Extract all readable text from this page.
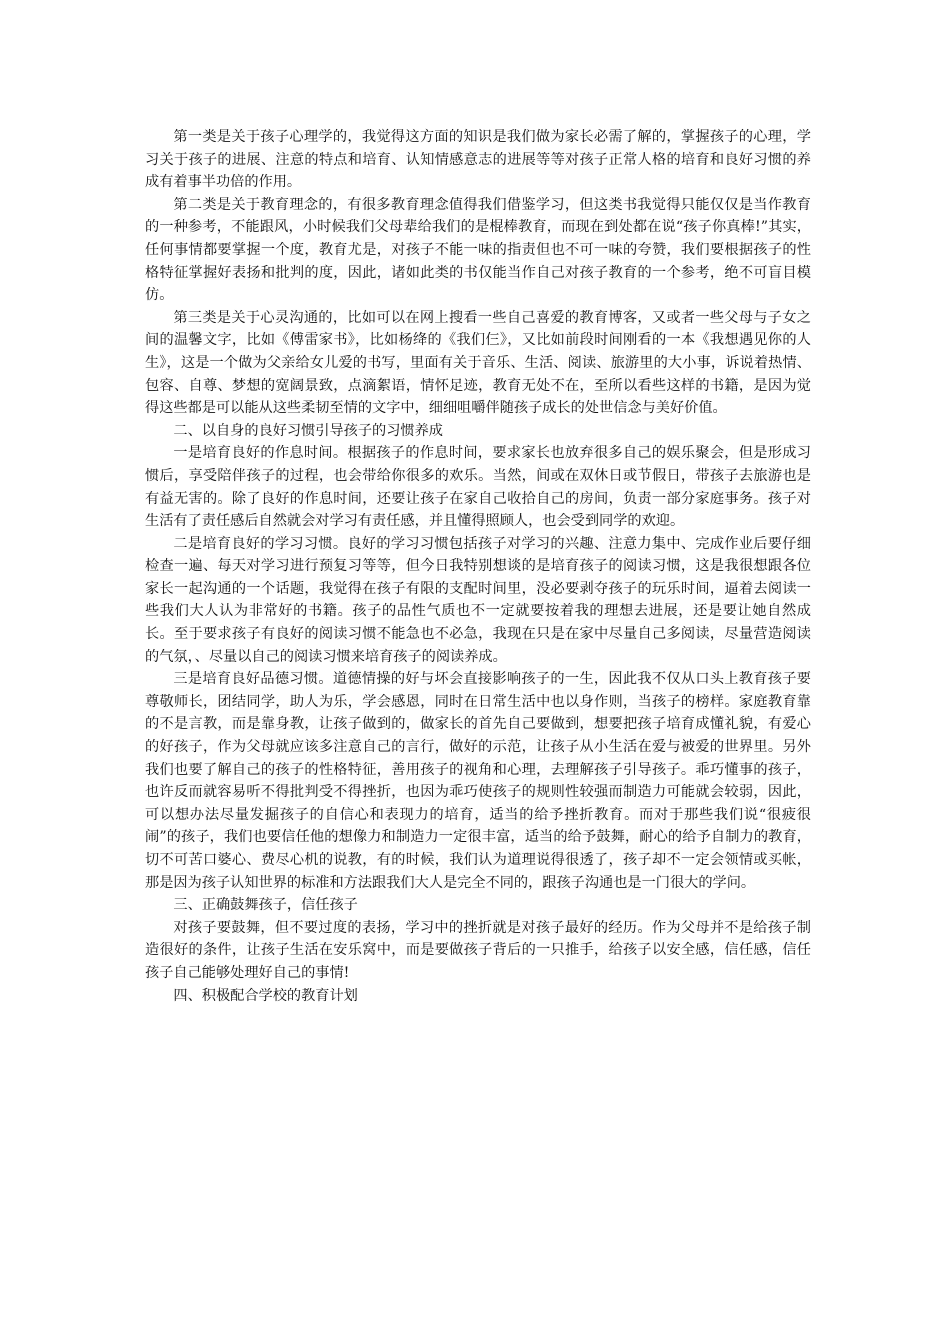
第一类是关于孩子心理学的，我觉得这方面的知识是我们做为家长必需了解的，掌握孩子的心理，学习关于孩子的进展、注意的特点和培育、认知情感意志的进展等等对孩子正常人格的培育和良好习惯的养成有着事半功倍的作用。

第二类是关于教育理念的，有很多教育理念值得我们借鉴学习，但这类书我觉得只能仅仅是当作教育的一种参考，不能跟风，小时候我们父母辈给我们的是棍棒教育，而现在到处都在说“孩子你真棒!”其实，任何事情都要掌握一个度，教育尤是，对孩子不能一味的指责但也不可一味的夸赞，我们要根据孩子的性格特征掌握好表扬和批判的度，因此，诸如此类的书仅能当作自己对孩子教育的一个参考，绝不可盲目模仿。

第三类是关于心灵沟通的，比如可以在网上搜看一些自己喜爱的教育博客，又或者一些父母与子女之间的温馨文字，比如《傅雷家书》，比如杨绛的《我们仨》，又比如前段时间刚看的一本《我想遇见你的人生》，这是一个做为父亲给女儿爱的书写，里面有关于音乐、生活、阅读、旅游里的大小事，诉说着热情、包容、自尊、梦想的宽阔景致，点滴絮语，情怀足迹，教育无处不在，至所以看些这样的书籍，是因为觉得这些都是可以能从这些柔韧至情的文字中，细细咀嚼伴随孩子成长的处世信念与美好价值。

二、以自身的良好习惯引导孩子的习惯养成

一是培育良好的作息时间。根据孩子的作息时间，要求家长也放弃很多自己的娱乐聚会，但是形成习惯后，享受陪伴孩子的过程，也会带给你很多的欢乐。当然，间或在双休日或节假日，带孩子去旅游也是有益无害的。除了良好的作息时间，还要让孩子在家自己收拾自己的房间，负责一部分家庭事务。孩子对生活有了责任感后自然就会对学习有责任感，并且懂得照顾人，也会受到同学的欢迎。

二是培育良好的学习习惯。良好的学习习惯包括孩子对学习的兴趣、注意力集中、完成作业后要仔细检查一遍、每天对学习进行预复习等等，但今日我特别想谈的是培育孩子的阅读习惯，这是我很想跟各位家长一起沟通的一个话题，我觉得在孩子有限的支配时间里，没必要剥夺孩子的玩乐时间，逼着去阅读一些我们大人认为非常好的书籍。孩子的品性气质也不一定就要按着我的理想去进展，还是要让她自然成长。至于要求孩子有良好的阅读习惯不能急也不必急，我现在只是在家中尽量自己多阅读，尽量营造阅读的气氛，、尽量以自己的阅读习惯来培育孩子的阅读养成。

三是培育良好品德习惯。道德情操的好与坏会直接影响孩子的一生，因此我不仅从口头上教育孩子要尊敬师长，团结同学，助人为乐，学会感恩，同时在日常生活中也以身作则，当孩子的榜样。家庭教育靠的不是言教，而是靠身教，让孩子做到的，做家长的首先自己要做到，想要把孩子培育成懂礼貌，有爱心的好孩子，作为父母就应该多注意自己的言行，做好的示范，让孩子从小生活在爱与被爱的世界里。另外我们也要了解自己的孩子的性格特征，善用孩子的视角和心理，去理解孩子引导孩子。乖巧懂事的孩子，也许反而就容易听不得批判受不得挫折，也因为乖巧使孩子的规则性较强而制造力可能就会较弱，因此，可以想办法尽量发掘孩子的自信心和表现力的培育，适当的给予挫折教育。而对于那些我们说“很疲很闹”的孩子，我们也要信任他的想像力和制造力一定很丰富，适当的给予鼓舞，耐心的给予自制力的教育，切不可苦口婆心、费尽心机的说教，有的时候，我们认为道理说得很透了，孩子却不一定会领情或买帐，那是因为孩子认知世界的标准和方法跟我们大人是完全不同的，跟孩子沟通也是一门很大的学问。

三、正确鼓舞孩子，信任孩子

对孩子要鼓舞，但不要过度的表扬，学习中的挫折就是对孩子最好的经历。作为父母并不是给孩子制造很好的条件，让孩子生活在安乐窝中，而是要做孩子背后的一只推手，给孩子以安全感，信任感，信任孩子自己能够处理好自己的事情!

四、积极配合学校的教育计划
